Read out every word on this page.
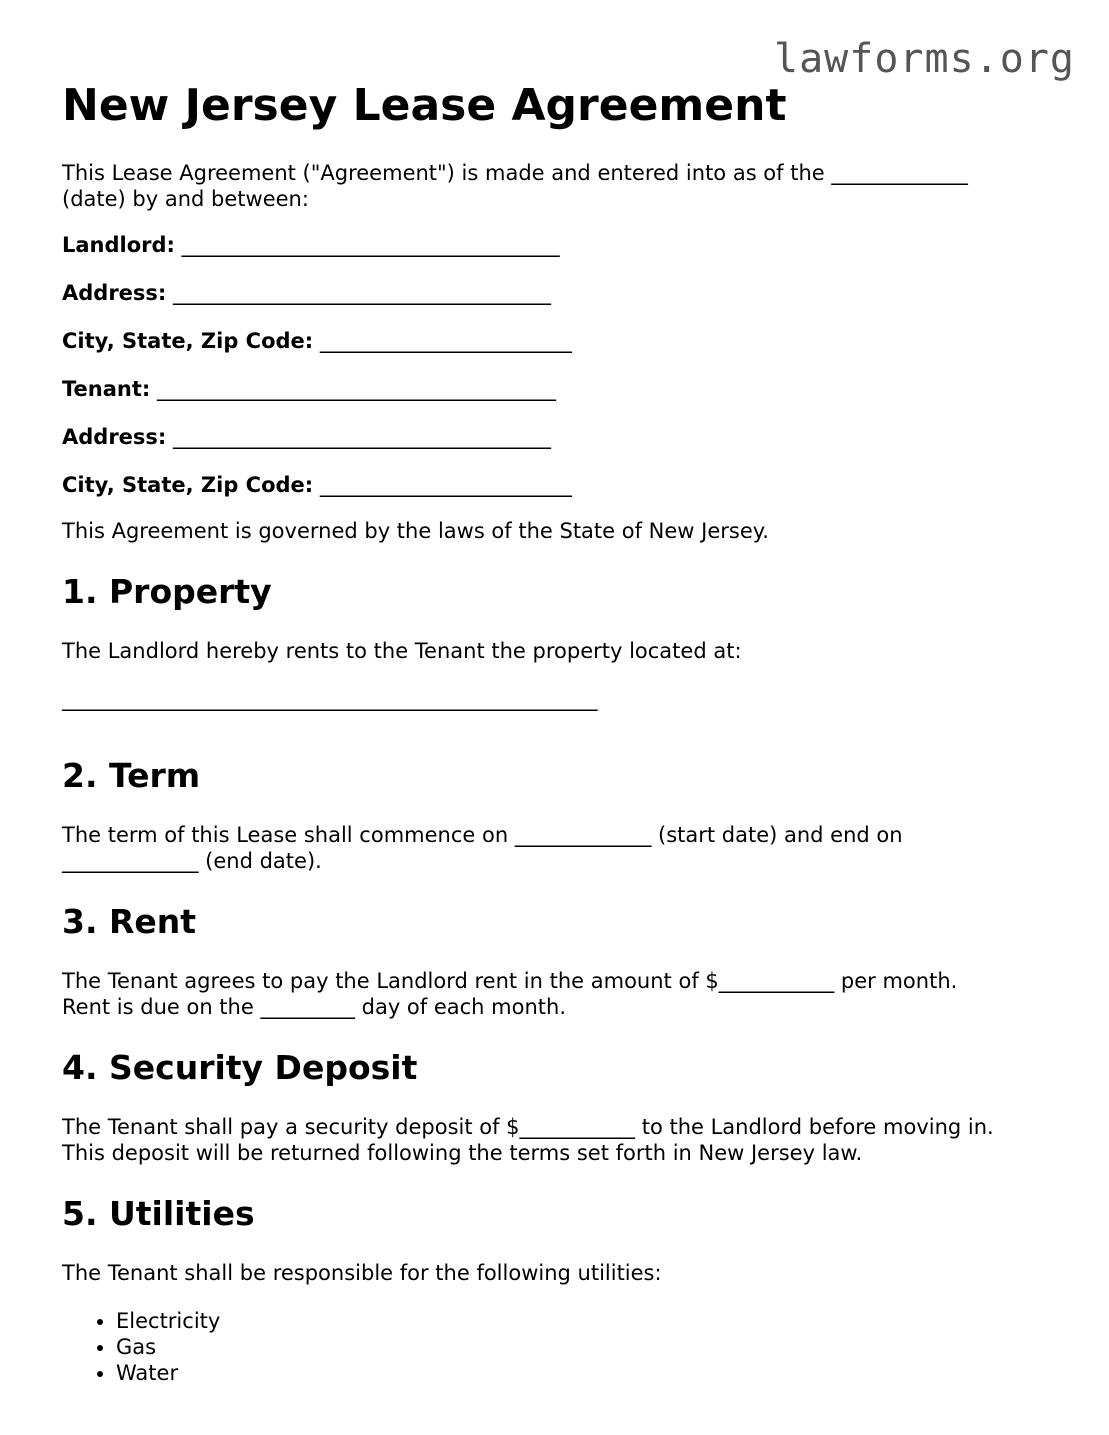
lawforms.org
New Jersey Lease Agreement

This Lease Agreement ("Agreement") is made and entered into as of the _____________

(date) by and between:

Landlord: ____________________________________
Address: ____________________________________
City, State, Zip Code: ________________________
Tenant: ______________________________________
Address: ____________________________________
City, State, Zip Code: ________________________

This Agreement is governed by the laws of the State of New Jersey.

1. Property

The Landlord hereby rents to the Tenant the property located at:

___________________________________________________

2. Term

The term of this Lease shall commence on _____________ (start date) and end on

_____________ (end date).

3. Rent

The Tenant agrees to pay the Landlord rent in the amount of $___________ per month.

Rent is due on the _________ day of each month.

4. Security Deposit

The Tenant shall pay a security deposit of $___________ to the Landlord before moving in.

This deposit will be returned following the terms set forth in New Jersey law.

5. Utilities

The Tenant shall be responsible for the following utilities:

• Electricity
• Gas
• Water
